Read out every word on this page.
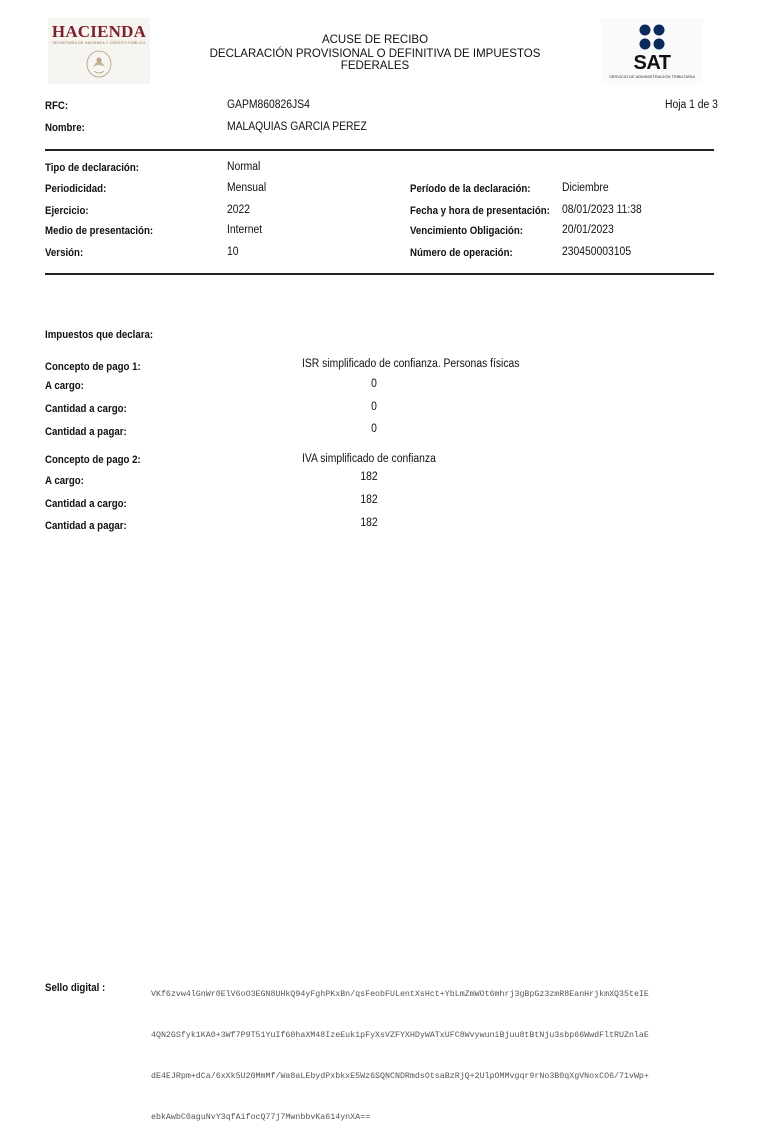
HACIENDA
SECRETARÍA DE HACIENDA Y CRÉDITO PÚBLICO	ACUSE DE RECIBO
DECLARACIÓN PROVISIONAL O DEFINITIVA DE IMPUESTOS FEDERALES	SAT
SERVICIO DE ADMINISTRACIÓN TRIBUTARIA
RFC:	GAPM860826JS4	Hoja 1 de 3
Nombre:	MALAQUIAS GARCIA PEREZ
Tipo de declaración:	Normal
Periodicidad:	Mensual	Período de la declaración:	Diciembre
Ejercicio:	2022	Fecha y hora de presentación: 08/01/2023 11:38
Medio de presentación:	Internet	Vencimiento Obligación:	20/01/2023
Versión:	10	Número de operación:	230450003105
Impuestos que declara:
Concepto de pago 1:	ISR simplificado de confianza. Personas físicas
A cargo:	0
Cantidad a cargo:	0
Cantidad a pagar:	0
Concepto de pago 2:	IVA simplificado de confianza
A cargo:	182
Cantidad a cargo:	182
Cantidad a pagar:	182
Sello digital :

VKf6zvw4lGnWr0ElV6oO3EGN8UHkQ94yFghPKxBn/qsFeobFULentXsHct+YbLmZmWOt6mhrj3gBpGz3zmR8EanHrjkmXQ35teIE

4QN2GSfyk1KA0+3Wf7P9T51YuIf60haXM48IzeEuk1pFyXsVZFYXHDyWATxUFC8WvywuniBjuu8tBtNju3sbp66WwdFltRUZnlaE

dE4EJRpm+dCa/6xXk5U20MmMf/Wa8aLEbydPxbkxE5Wz6SQNCNDRmdsOtsaBzRjQ+2UlpOMMvgqr9rNo3B0qXgVNoxCO6/71vWp+

ebkAwbC0aguNvY3qfAifocQ77j7MwnbbvKa614ynXA==
